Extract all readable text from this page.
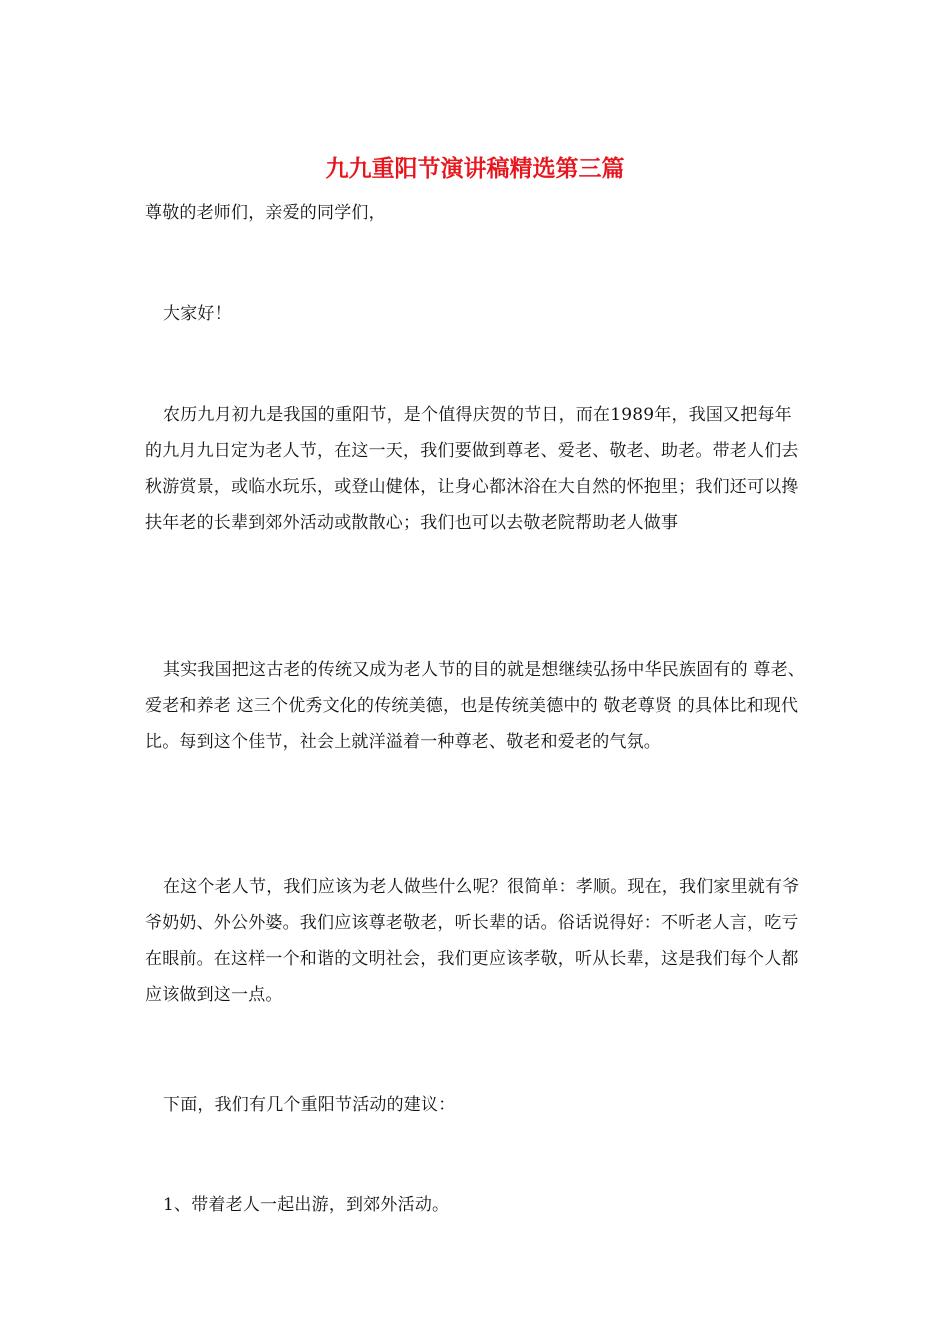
九九重阳节演讲稿精选第三篇

尊敬的老师们，亲爱的同学们，

大家好！

农历九月初九是我国的重阳节，是个值得庆贺的节日，而在1989年，我国又把每年的九月九日定为老人节，在这一天，我们要做到尊老、爱老、敬老、助老。带老人们去秋游赏景，或临水玩乐，或登山健体，让身心都沐浴在大自然的怀抱里；我们还可以搀扶年老的长辈到郊外活动或散散心；我们也可以去敬老院帮助老人做事

其实我国把这古老的传统又成为老人节的目的就是想继续弘扬中华民族固有的 尊老、爱老和养老 这三个优秀文化的传统美德，也是传统美德中的 敬老尊贤 的具体比和现代比。每到这个佳节，社会上就洋溢着一种尊老、敬老和爱老的气氛。

在这个老人节，我们应该为老人做些什么呢？很简单：孝顺。现在，我们家里就有爷爷奶奶、外公外婆。我们应该尊老敬老，听长辈的话。俗话说得好：不听老人言，吃亏在眼前。在这样一个和谐的文明社会，我们更应该孝敬，听从长辈，这是我们每个人都应该做到这一点。

下面，我们有几个重阳节活动的建议：

1、带着老人一起出游，到郊外活动。
